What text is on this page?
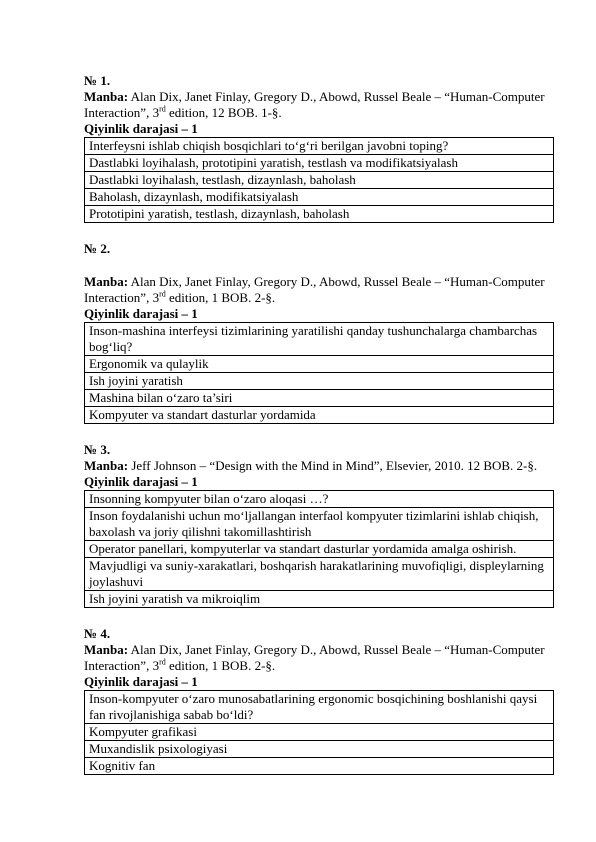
№ 1.

Manba: Alan Dix, Janet Finlay, Gregory D., Abowd, Russel Beale – “Human-Computer Interaction”, 3rd edition, 12 BOB. 1-§.

Qiyinlik darajasi – 1

Interfeysni ishlab chiqish bosqichlari to‘g‘ri berilgan javobni toping?
Dastlabki loyihalash, prototipini yaratish, testlash va modifikatsiyalash
Dastlabki loyihalash, testlash, dizaynlash, baholash
Baholash, dizaynlash, modifikatsiyalash
Prototipini yaratish, testlash, dizaynlash, baholash

№ 2.

Manba: Alan Dix, Janet Finlay, Gregory D., Abowd, Russel Beale – “Human-Computer Interaction”, 3rd edition, 1 BOB. 2-§.

Qiyinlik darajasi – 1

Inson-mashina interfeysi tizimlarining yaratilishi qanday tushunchalarga chambarchas bog‘liq?
Ergonomik va qulaylik
Ish joyini yaratish
Mashina bilan o‘zaro ta’siri
Kompyuter va standart dasturlar yordamida

№ 3.

Manba: Jeff Johnson – “Design with the Mind in Mind”, Elsevier, 2010. 12 BOB. 2-§.

Qiyinlik darajasi – 1

Insonning kompyuter bilan o‘zaro aloqasi …?
Inson foydalanishi uchun mo‘ljallangan interfaol kompyuter tizimlarini ishlab chiqish, baxolash va joriy qilishni takomillashtirish
Operator panellari, kompyuterlar va standart dasturlar yordamida amalga oshirish.
Mavjudligi va suniy-xarakatlari, boshqarish harakatlarining muvofiqligi, displeylarning joylashuvi
Ish joyini yaratish va mikroiqlim

№ 4.

Manba: Alan Dix, Janet Finlay, Gregory D., Abowd, Russel Beale – “Human-Computer Interaction”, 3rd edition, 1 BOB. 2-§.

Qiyinlik darajasi – 1

Inson-kompyuter o‘zaro munosabatlarining ergonomic bosqichining boshlanishi qaysi fan rivojlanishiga sabab bo‘ldi?
Kompyuter grafikasi
Muxandislik psixologiyasi
Kognitiv fan
